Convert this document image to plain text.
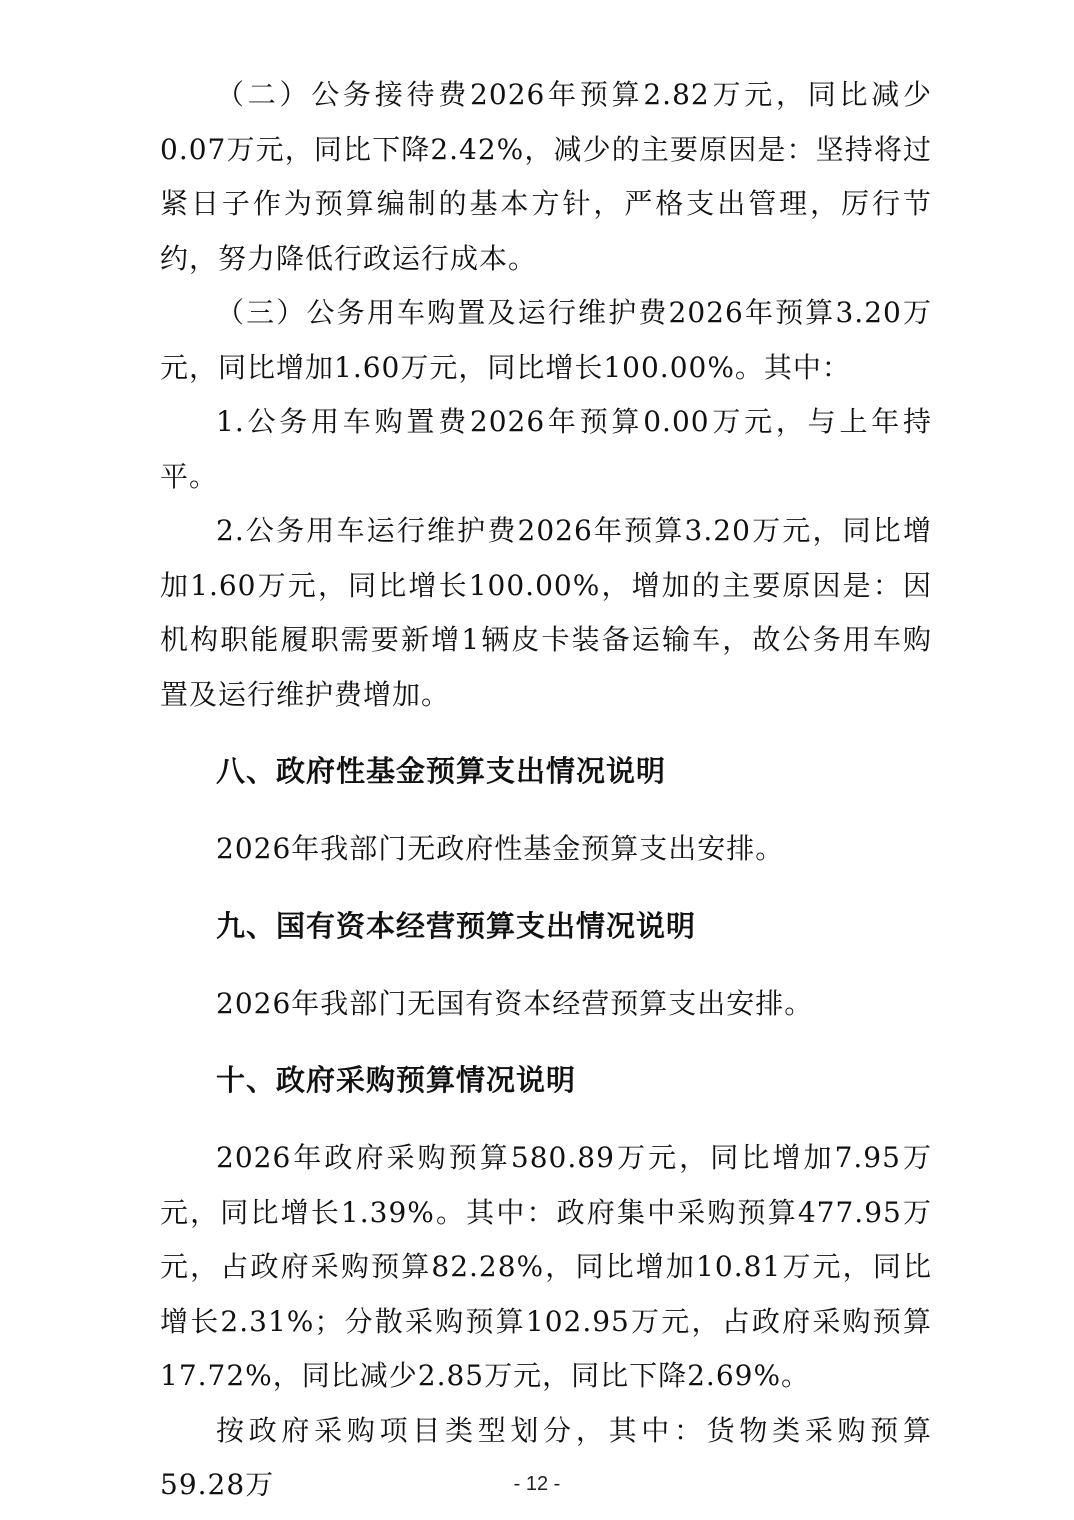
（二）公务接待费2026年预算2.82万元，同比减少0.07万元，同比下降2.42%，减少的主要原因是：坚持将过紧日子作为预算编制的基本方针，严格支出管理，厉行节约，努力降低行政运行成本。

（三）公务用车购置及运行维护费2026年预算3.20万元，同比增加1.60万元，同比增长100.00%。其中：

1.公务用车购置费2026年预算0.00万元，与上年持平。

2.公务用车运行维护费2026年预算3.20万元，同比增加1.60万元，同比增长100.00%，增加的主要原因是：因机构职能履职需要新增1辆皮卡装备运输车，故公务用车购置及运行维护费增加。

八、政府性基金预算支出情况说明

2026年我部门无政府性基金预算支出安排。

九、国有资本经营预算支出情况说明

2026年我部门无国有资本经营预算支出安排。

十、政府采购预算情况说明

2026年政府采购预算580.89万元，同比增加7.95万元，同比增长1.39%。其中：政府集中采购预算477.95万元，占政府采购预算82.28%，同比增加10.81万元，同比增长2.31%；分散采购预算102.95万元，占政府采购预算17.72%，同比减少2.85万元，同比下降2.69%。

按政府采购项目类型划分，其中：货物类采购预算59.28万	- 12 -
